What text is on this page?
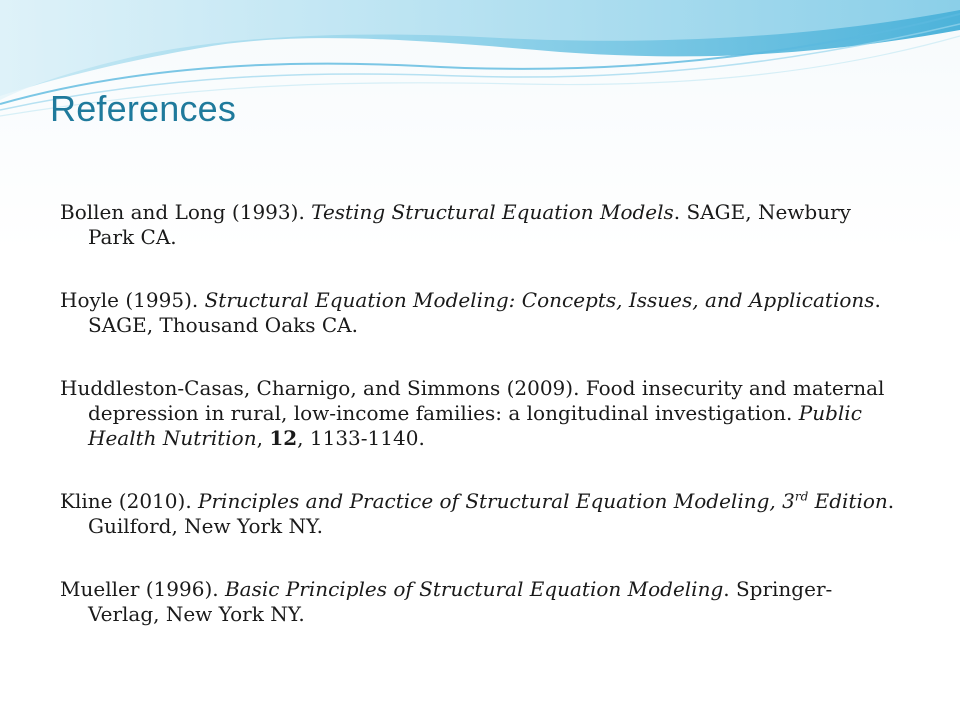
References
Bollen and Long (1993). Testing Structural Equation Models. SAGE, Newbury Park CA.
Hoyle (1995). Structural Equation Modeling: Concepts, Issues, and Applications. SAGE, Thousand Oaks CA.
Huddleston-Casas, Charnigo, and Simmons (2009). Food insecurity and maternal depression in rural, low-income families: a longitudinal investigation. Public Health Nutrition, 12, 1133-1140.
Kline (2010). Principles and Practice of Structural Equation Modeling, 3rd Edition. Guilford, New York NY.
Mueller (1996). Basic Principles of Structural Equation Modeling. Springer-Verlag, New York NY.
